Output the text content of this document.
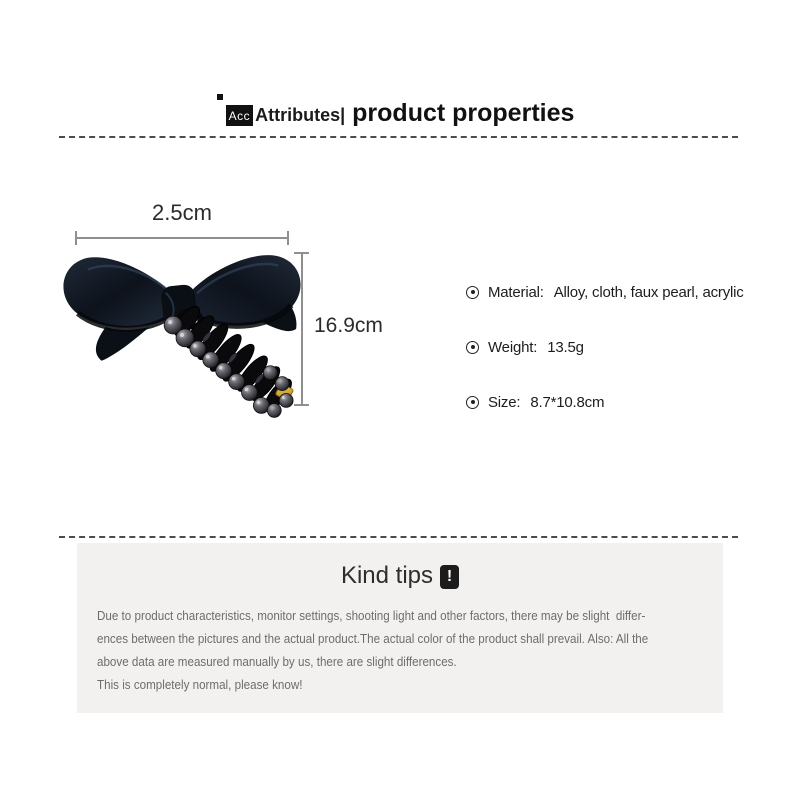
Acc Attributes| product properties
2.5cm
16.9cm
Material: Alloy, cloth, faux pearl, acrylic
Weight: 13.5g
Size: 8.7*10.8cm
Kind tips !
Due to product characteristics, monitor settings, shooting light and other factors, there may be slight  differ-
ences between the pictures and the actual product.The actual color of the product shall prevail. Also: All the
above data are measured manually by us, there are slight differences.
This is completely normal, please know!
